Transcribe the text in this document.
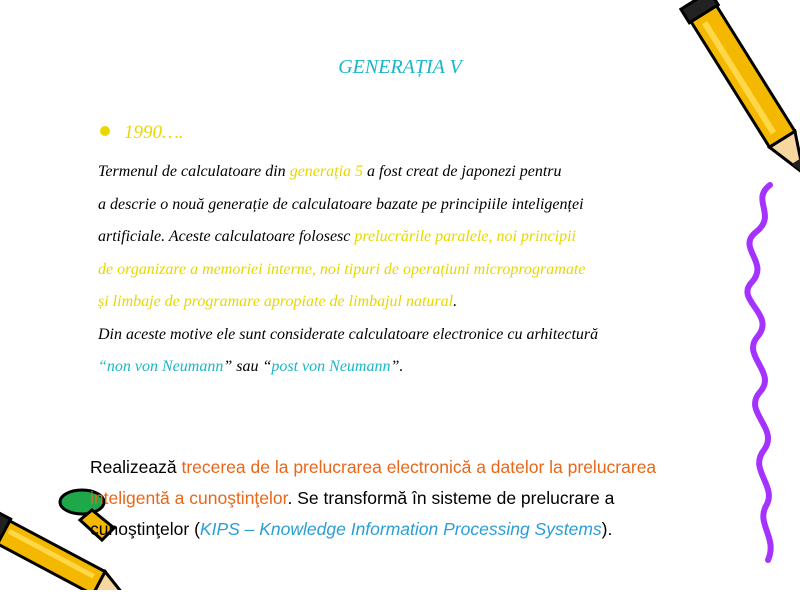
GENERAȚIA V
1990….
Termenul de calculatoare din generația 5 a fost creat de japonezi pentru
a descrie o nouă generație de calculatoare bazate pe principiile inteligenței
artificiale. Aceste calculatoare folosesc prelucrările paralele, noi principii
de organizare a memoriei interne, noi tipuri de operațiuni microprogramate
și limbaje de programare apropiate de limbajul natural.
Din aceste motive ele sunt considerate calculatoare electronice cu arhitectură
“non von Neumann” sau “post von Neumann”.
Realizează trecerea de la prelucrarea electronică a datelor la prelucrarea
inteligentă a cunoştinţelor. Se transformă în sisteme de prelucrare a
cunoştinţelor (KIPS – Knowledge Information Processing Systems).
